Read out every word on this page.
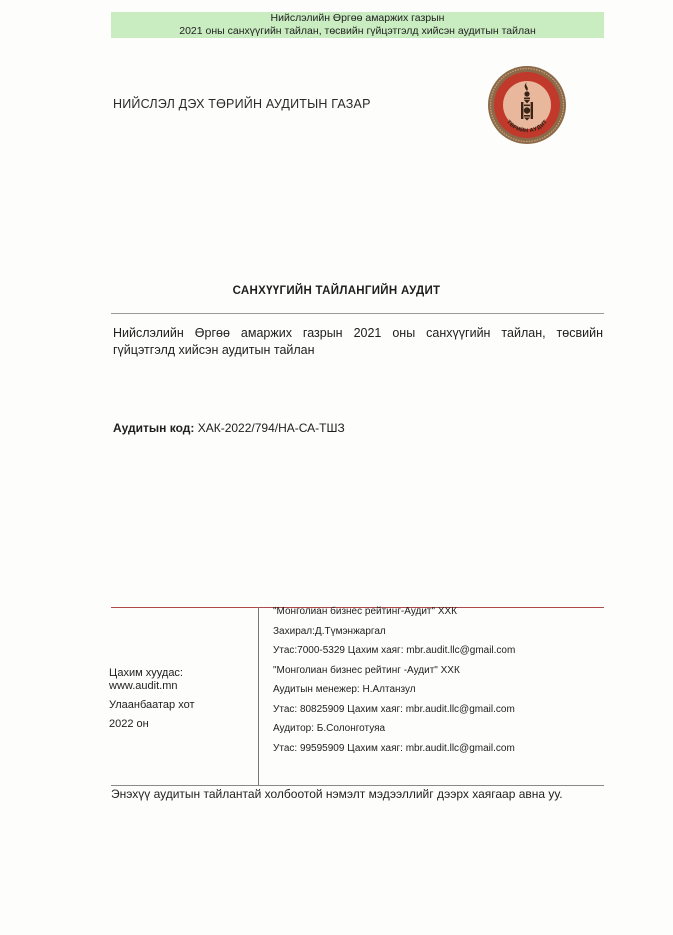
Нийслэлийн Өргөө амаржих газрын
2021 оны санхүүгийн тайлан, төсвийн гүйцэтгэлд хийсэн аудитын тайлан
НИЙСЛЭЛ ДЭХ ТӨРИЙН АУДИТЫН ГАЗАР
ТӨРИЙН АУДИТ
САНХҮҮГИЙН ТАЙЛАНГИЙН АУДИТ
Нийслэлийн Өргөө амаржих газрын 2021 оны санхүүгийн тайлан, төсвийн гүйцэтгэлд хийсэн аудитын тайлан
Аудитын код: ХАК-2022/794/НА-СА-ТШЗ
Цахим хуудас:
www.audit.mn
Улаанбаатар хот
2022 он
"Монголиан бизнес рейтинг-Аудит" ХХК
Захирал:Д.Түмэнжаргал
Утас:7000-5329 Цахим хаяг: mbr.audit.llc@gmail.com
"Монголиан бизнес рейтинг -Аудит" ХХК
Аудитын менежер: Н.Алтанзул
Утас: 80825909 Цахим хаяг: mbr.audit.llc@gmail.com
Аудитор: Б.Солонготуяа
Утас: 99595909 Цахим хаяг: mbr.audit.llc@gmail.com
Энэхүү аудитын тайлантай холбоотой нэмэлт мэдээллийг дээрх хаягаар авна уу.
